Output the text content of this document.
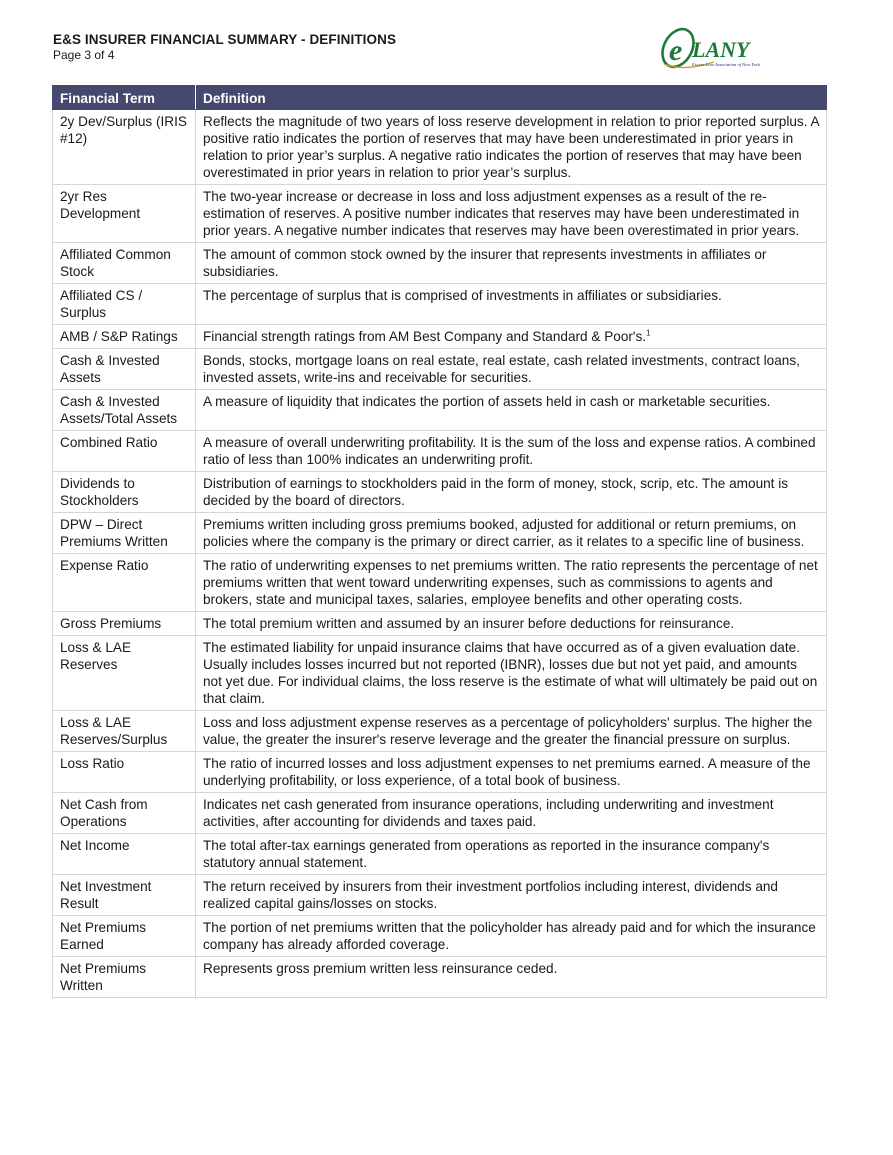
E&S INSURER FINANCIAL SUMMARY - DEFINITIONS
Page 3 of 4	e LANY
Excess Line Association of New York
Financial Term	Definition
2y Dev/Surplus (IRIS #12)	Reflects the magnitude of two years of loss reserve development in relation to prior reported surplus. A positive ratio indicates the portion of reserves that may have been underestimated in prior years in relation to prior year’s surplus. A negative ratio indicates the portion of reserves that may have been overestimated in prior years in relation to prior year’s surplus.
2yr Res Development	The two-year increase or decrease in loss and loss adjustment expenses as a result of the re-estimation of reserves. A positive number indicates that reserves may have been underestimated in prior years. A negative number indicates that reserves may have been overestimated in prior years.
Affiliated Common Stock	The amount of common stock owned by the insurer that represents investments in affiliates or subsidiaries.
Affiliated CS / Surplus	The percentage of surplus that is comprised of investments in affiliates or subsidiaries.
AMB / S&P Ratings	Financial strength ratings from AM Best Company and Standard & Poor's.$^1$
Cash & Invested Assets	Bonds, stocks, mortgage loans on real estate, real estate, cash related investments, contract loans, invested assets, write-ins and receivable for securities.
Cash & Invested Assets/Total Assets	A measure of liquidity that indicates the portion of assets held in cash or marketable securities.
Combined Ratio	A measure of overall underwriting profitability. It is the sum of the loss and expense ratios. A combined ratio of less than 100% indicates an underwriting profit.
Dividends to Stockholders	Distribution of earnings to stockholders paid in the form of money, stock, scrip, etc. The amount is decided by the board of directors.
DPW – Direct Premiums Written	Premiums written including gross premiums booked, adjusted for additional or return premiums, on policies where the company is the primary or direct carrier, as it relates to a specific line of business.
Expense Ratio	The ratio of underwriting expenses to net premiums written. The ratio represents the percentage of net premiums written that went toward underwriting expenses, such as commissions to agents and brokers, state and municipal taxes, salaries, employee benefits and other operating costs.
Gross Premiums	The total premium written and assumed by an insurer before deductions for reinsurance.
Loss & LAE Reserves	The estimated liability for unpaid insurance claims that have occurred as of a given evaluation date. Usually includes losses incurred but not reported (IBNR), losses due but not yet paid, and amounts not yet due. For individual claims, the loss reserve is the estimate of what will ultimately be paid out on that claim.
Loss & LAE Reserves/Surplus	Loss and loss adjustment expense reserves as a percentage of policyholders' surplus. The higher the value, the greater the insurer's reserve leverage and the greater the financial pressure on surplus.
Loss Ratio	The ratio of incurred losses and loss adjustment expenses to net premiums earned. A measure of the underlying profitability, or loss experience, of a total book of business.
Net Cash from Operations	Indicates net cash generated from insurance operations, including underwriting and investment activities, after accounting for dividends and taxes paid.
Net Income	The total after-tax earnings generated from operations as reported in the insurance company's statutory annual statement.
Net Investment Result	The return received by insurers from their investment portfolios including interest, dividends and realized capital gains/losses on stocks.
Net Premiums Earned	The portion of net premiums written that the policyholder has already paid and for which the insurance company has already afforded coverage.
Net Premiums Written	Represents gross premium written less reinsurance ceded.
